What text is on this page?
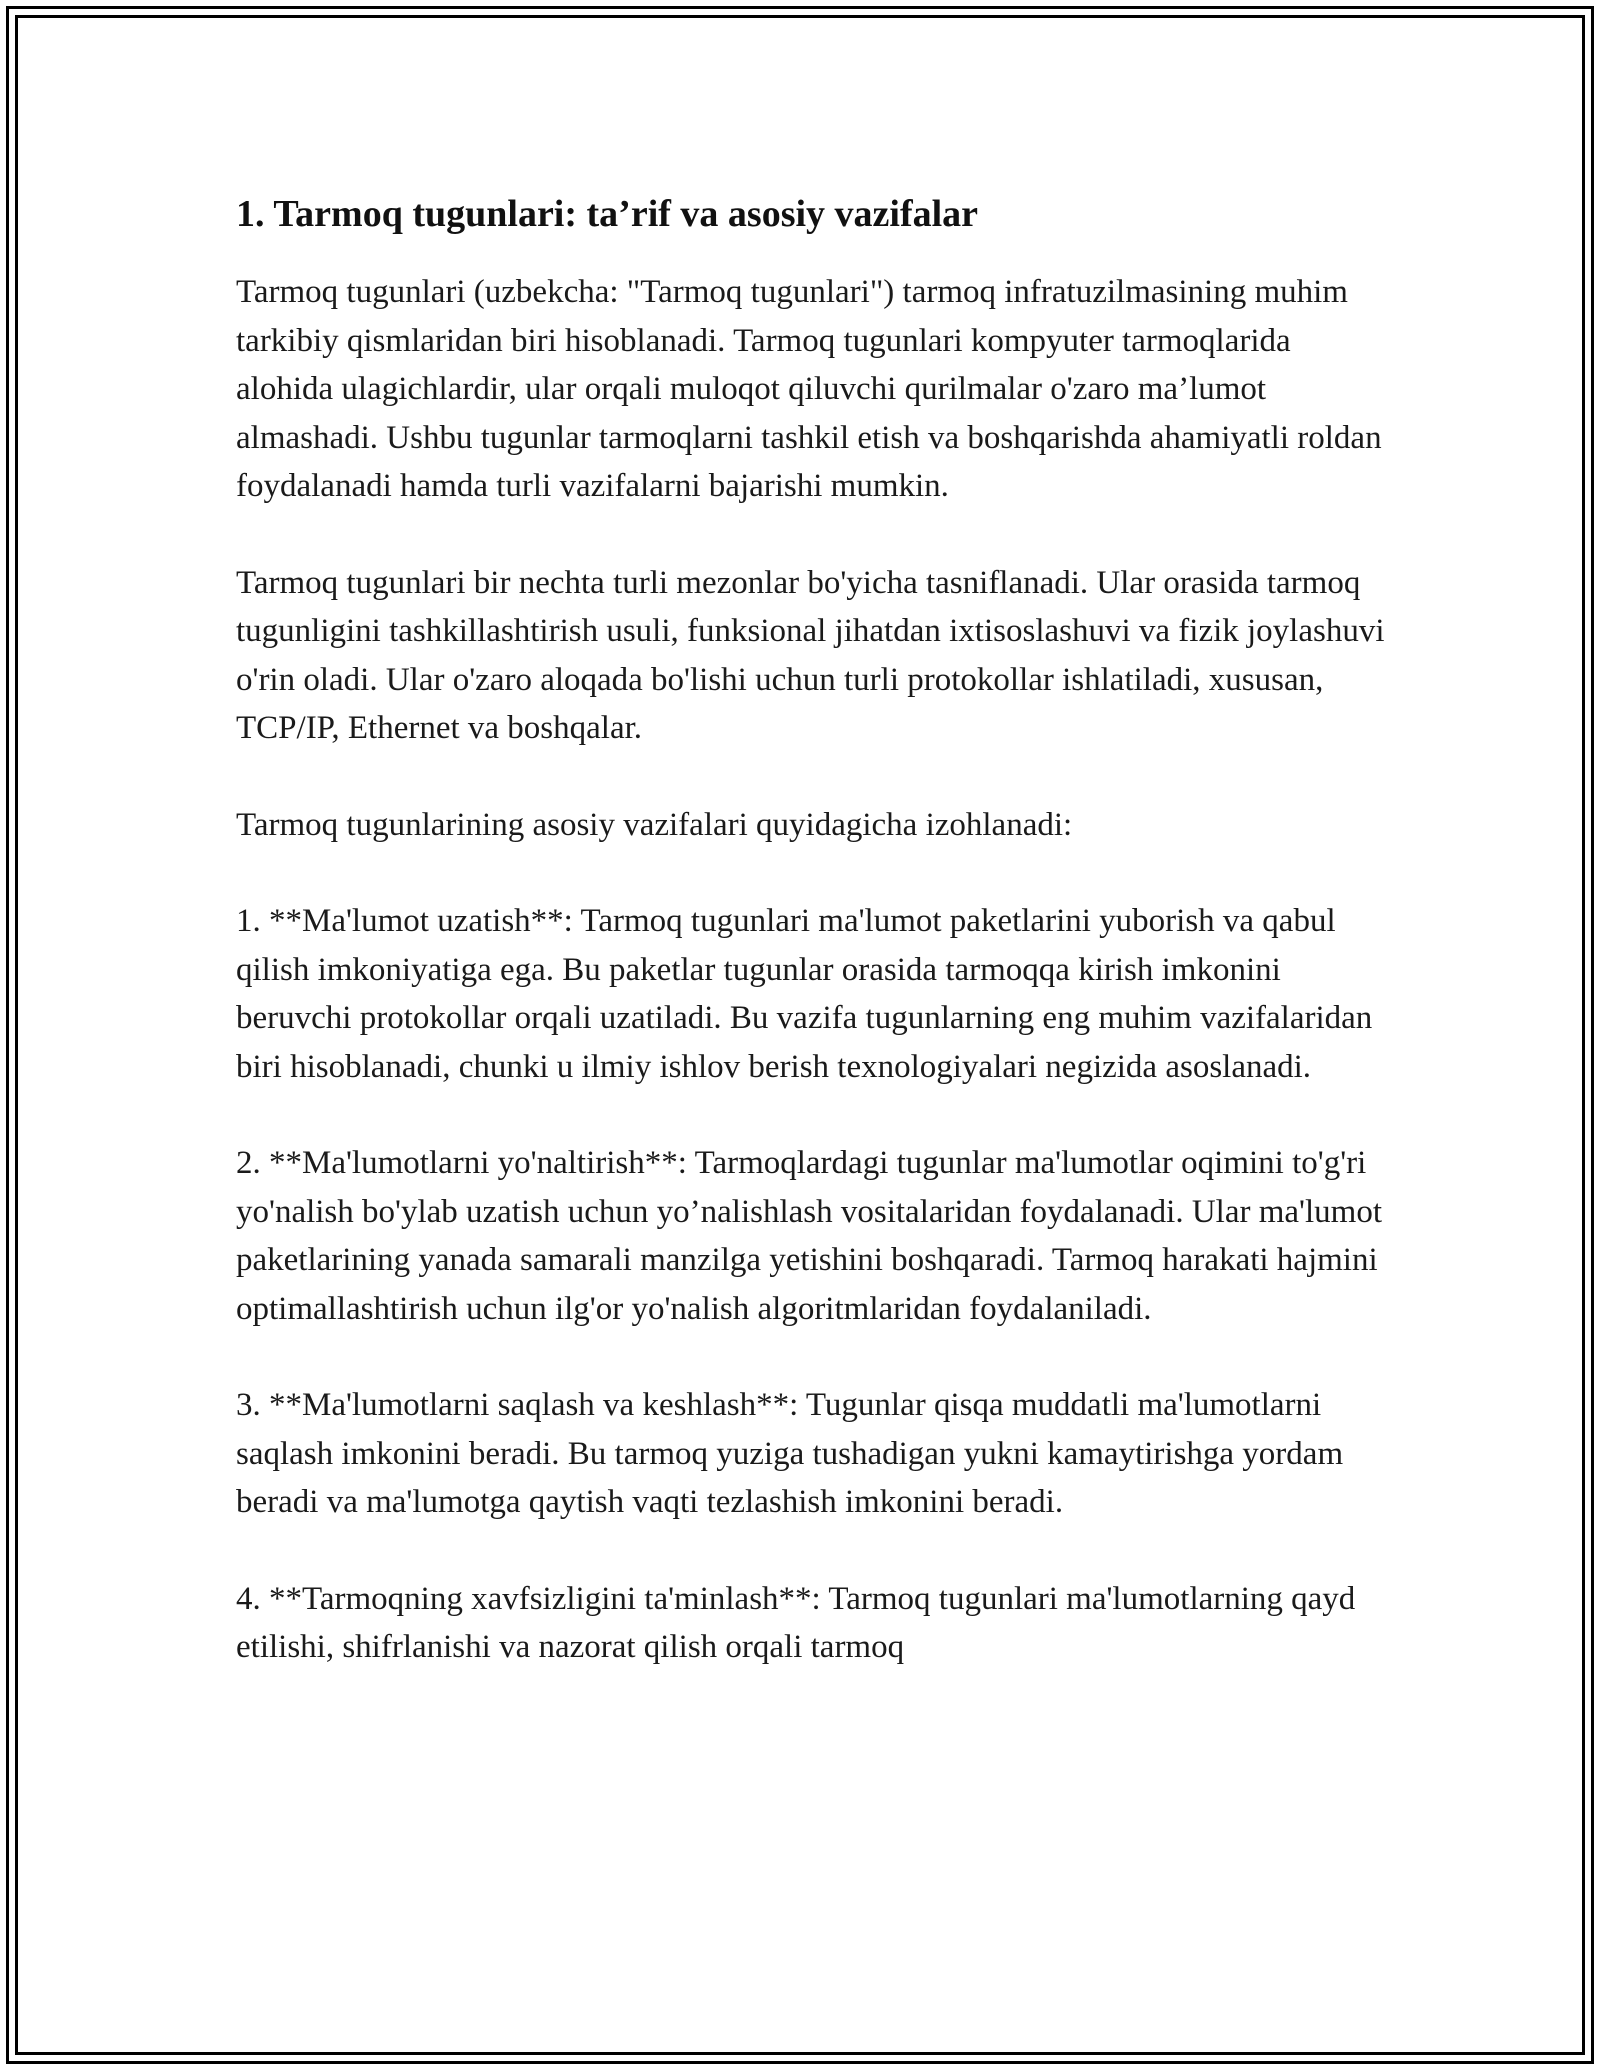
1. Tarmoq tugunlari: ta’rif va asosiy vazifalar

Tarmoq tugunlari (uzbekcha: "Tarmoq tugunlari") tarmoq infratuzilmasining muhim tarkibiy qismlaridan biri hisoblanadi. Tarmoq tugunlari kompyuter tarmoqlarida alohida ulagichlardir, ular orqali muloqot qiluvchi qurilmalar o'zaro ma’lumot almashadi. Ushbu tugunlar tarmoqlarni tashkil etish va boshqarishda ahamiyatli roldan foydalanadi hamda turli vazifalarni bajarishi mumkin.

Tarmoq tugunlari bir nechta turli mezonlar bo'yicha tasniflanadi. Ular orasida tarmoq tugunligini tashkillashtirish usuli, funksional jihatdan ixtisoslashuvi va fizik joylashuvi o'rin oladi. Ular o'zaro aloqada bo'lishi uchun turli protokollar ishlatiladi, xususan, TCP/IP, Ethernet va boshqalar.

Tarmoq tugunlarining asosiy vazifalari quyidagicha izohlanadi:

1. **Ma'lumot uzatish**: Tarmoq tugunlari ma'lumot paketlarini yuborish va qabul qilish imkoniyatiga ega. Bu paketlar tugunlar orasida tarmoqqa kirish imkonini beruvchi protokollar orqali uzatiladi. Bu vazifa tugunlarning eng muhim vazifalaridan biri hisoblanadi, chunki u ilmiy ishlov berish texnologiyalari negizida asoslanadi.

2. **Ma'lumotlarni yo'naltirish**: Tarmoqlardagi tugunlar ma'lumotlar oqimini to'g'ri yo'nalish bo'ylab uzatish uchun yo’nalishlash vositalaridan foydalanadi. Ular ma'lumot paketlarining yanada samarali manzilga yetishini boshqaradi. Tarmoq harakati hajmini optimallashtirish uchun ilg'or yo'nalish algoritmlaridan foydalaniladi.

3. **Ma'lumotlarni saqlash va keshlash**: Tugunlar qisqa muddatli ma'lumotlarni saqlash imkonini beradi. Bu tarmoq yuziga tushadigan yukni kamaytirishga yordam beradi va ma'lumotga qaytish vaqti tezlashish imkonini beradi.

4. **Tarmoqning xavfsizligini ta'minlash**: Tarmoq tugunlari ma'lumotlarning qayd etilishi, shifrlanishi va nazorat qilish orqali tarmoq
